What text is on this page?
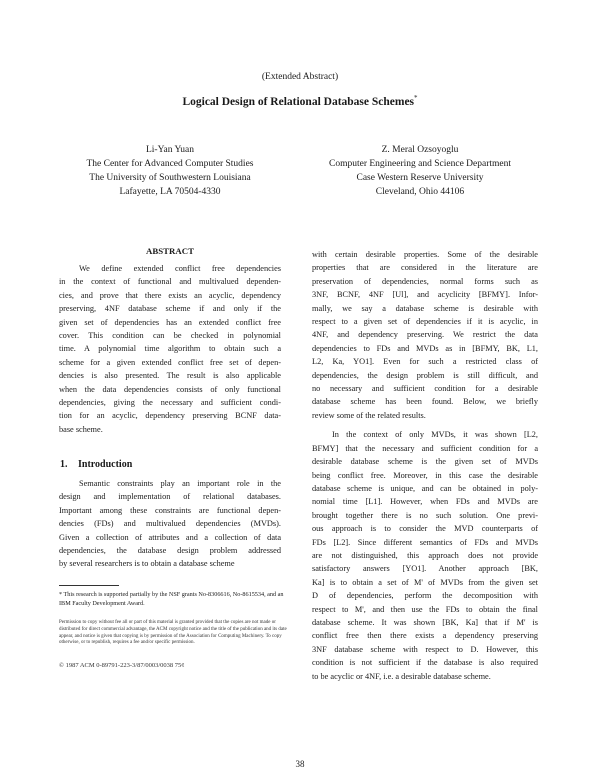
(Extended Abstract)
Logical Design of Relational Database Schemes*
Li-Yan Yuan
The Center for Advanced Computer Studies
The University of Southwestern Louisiana
Lafayette, LA 70504-4330
Z. Meral Ozsoyoglu
Computer Engineering and Science Department
Case Western Reserve University
Cleveland, Ohio 44106
ABSTRACT
We define extended conflict free dependencies
in the context of functional and multivalued dependen-
cies, and prove that there exists an acyclic, dependency
preserving, 4NF database scheme if and only if the
given set of dependencies has an extended conflict free
cover. This condition can be checked in polynomial
time. A polynomial time algorithm to obtain such a
scheme for a given extended conflict free set of depen-
dencies is also presented. The result is also applicable
when the data dependencies consists of only functional
dependencies, giving the necessary and sufficient condi-
tion for an acyclic, dependency preserving BCNF data-
base scheme.
1. Introduction
Semantic constraints play an important role in the
design and implementation of relational databases.
Important among these constraints are functional depen-
dencies (FDs) and multivalued dependencies (MVDs).
Given a collection of attributes and a collection of data
dependencies, the database design problem addressed
by several researchers is to obtain a database scheme
* This research is supported partially by the NSF grants No-8306616, No-8615534, and an IBM Faculty Development Award.
Permission to copy without fee all or part of this material is granted provided that the copies are not made or distributed for direct commercial advantage, the ACM copyright notice and the title of the publication and its date appear, and notice is given that copying is by permission of the Association for Computing Machinery. To copy otherwise, or to republish, requires a fee and/or specific permission.
© 1987 ACM 0-89791-223-3/87/0003/0038 75¢
with certain desirable properties. Some of the desirable
properties that are considered in the literature are
preservation of dependencies, normal forms such as
3NF, BCNF, 4NF [Ul], and acyclicity [BFMY]. Infor-
mally, we say a database scheme is desirable with
respect to a given set of dependencies if it is acyclic, in
4NF, and dependency preserving. We restrict the data
dependencies to FDs and MVDs as in [BFMY, BK, L1,
L2, Ka, YO1]. Even for such a restricted class of
dependencies, the design problem is still difficult, and
no necessary and sufficient condition for a desirable
database scheme has been found. Below, we briefly
review some of the related results.
In the context of only MVDs, it was shown [L2,
BFMY] that the necessary and sufficient condition for a
desirable database scheme is the given set of MVDs
being conflict free. Moreover, in this case the desirable
database scheme is unique, and can be obtained in poly-
nomial time [L1]. However, when FDs and MVDs are
brought together there is no such solution. One previ-
ous approach is to consider the MVD counterparts of
FDs [L2]. Since different semantics of FDs and MVDs
are not distinguished, this approach does not provide
satisfactory answers [YO1]. Another approach [BK,
Ka] is to obtain a set of M' of MVDs from the given set
D of dependencies, perform the decomposition with
respect to M', and then use the FDs to obtain the final
database scheme. It was shown [BK, Ka] that if M' is
conflict free then there exists a dependency preserving
3NF database scheme with respect to D. However, this
condition is not sufficient if the database is also required
to be acyclic or 4NF, i.e. a desirable database scheme.
38
